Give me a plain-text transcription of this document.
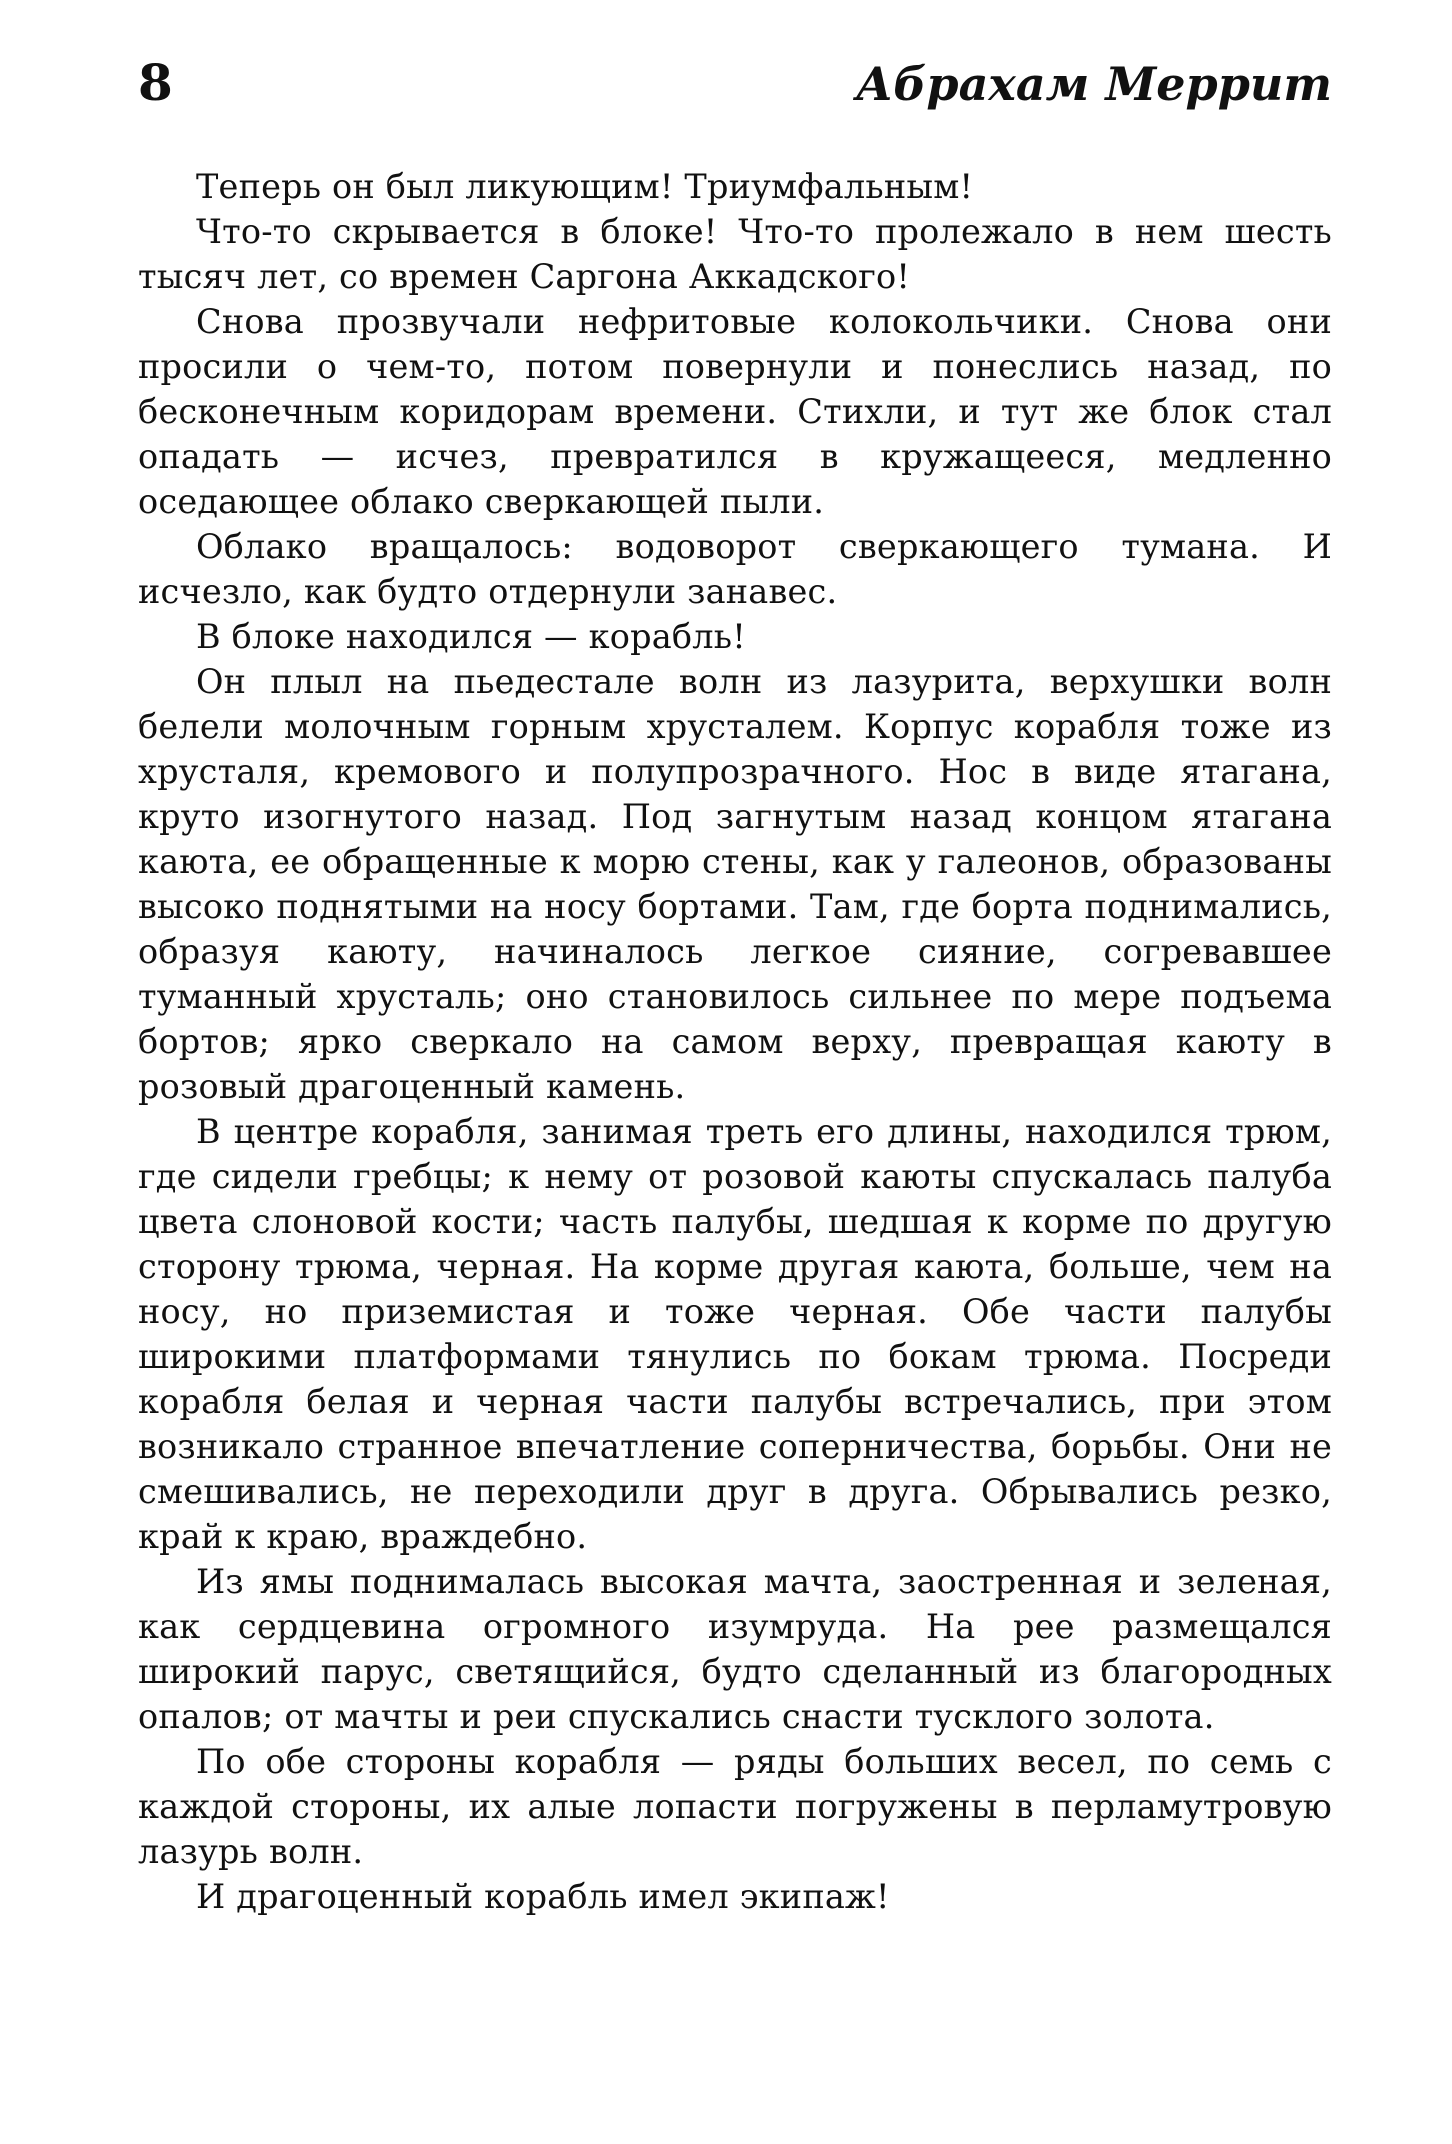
8	Абрахам Меррит

Теперь он был ликующим! Триумфальным!

Что-то скрывается в блоке! Что-то пролежало в нем шесть тысяч лет, со времен Саргона Аккадского!

Снова прозвучали нефритовые колокольчики. Снова они просили о чем-то, потом повернули и понеслись назад, по бесконечным коридорам времени. Стихли, и тут же блок стал опадать — исчез, превратился в кружащееся, медленно оседающее облако сверкающей пыли.

Облако вращалось: водоворот сверкающего тумана. И исчезло, как будто отдернули занавес.

В блоке находился — корабль!

Он плыл на пьедестале волн из лазурита, верхушки волн белели молочным горным хрусталем. Корпус корабля тоже из хрусталя, кремового и полупрозрачного. Нос в виде ятагана, круто изогнутого назад. Под загнутым назад концом ятагана каюта, ее обращенные к морю стены, как у галеонов, образованы высоко поднятыми на носу бортами. Там, где борта поднимались, образуя каюту, начиналось легкое сияние, согревавшее туманный хрусталь; оно становилось сильнее по мере подъема бортов; ярко сверкало на самом верху, превращая каюту в розовый драгоценный камень.

В центре корабля, занимая треть его длины, находился трюм, где сидели гребцы; к нему от розовой каюты спускалась палуба цвета слоновой кости; часть палубы, шедшая к корме по другую сторону трюма, черная. На корме другая каюта, больше, чем на носу, но приземистая и тоже черная. Обе части палубы широкими платформами тянулись по бокам трюма. Посреди корабля белая и черная части палубы встречались, при этом возникало странное впечатление соперничества, борьбы. Они не смешивались, не переходили друг в друга. Обрывались резко, край к краю, враждебно.

Из ямы поднималась высокая мачта, заостренная и зеленая, как сердцевина огромного изумруда. На рее размещался широкий парус, светящийся, будто сделанный из благородных опалов; от мачты и реи спускались снасти тусклого золота.

По обе стороны корабля — ряды больших весел, по семь с каждой стороны, их алые лопасти погружены в перламутровую лазурь волн.

И драгоценный корабль имел экипаж!
